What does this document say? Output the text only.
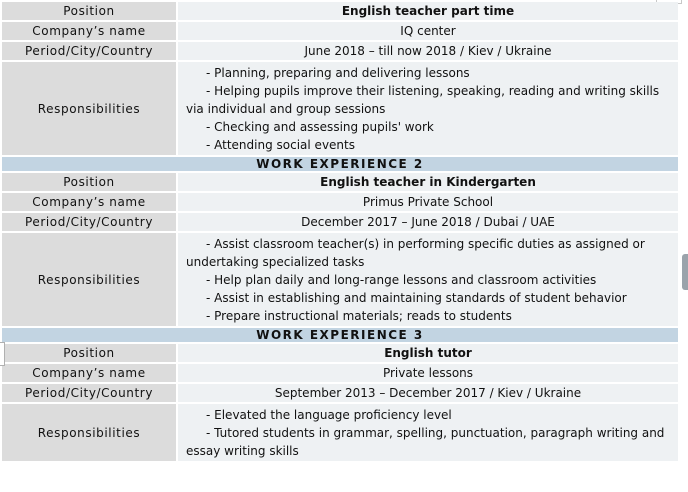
Position	English teacher part time
Company’s name	IQ center
Period/City/Country	June 2018 – till now 2018 / Kiev / Ukraine
Responsibilities	- Planning, preparing and delivering lessons
- Helping pupils improve their listening, speaking, reading and writing skills via individual and group sessions
- Checking and assessing pupils' work
- Attending social events

WORK EXPERIENCE 2	
Position	English teacher in Kindergarten
Company’s name	Primus Private School
Period/City/Country	December 2017 – June 2018 / Dubai / UAE
Responsibilities	- Assist classroom teacher(s) in performing specific duties as assigned or undertaking specialized tasks
- Help plan daily and long-range lessons and classroom activities
- Assist in establishing and maintaining standards of student behavior
- Prepare instructional materials; reads to students

WORK EXPERIENCE 3	
Position	English tutor
Company’s name	Private lessons
Period/City/Country	September 2013 – December 2017 / Kiev / Ukraine
Responsibilities	- Elevated the language proficiency level
- Tutored students in grammar, spelling, punctuation, paragraph writing and essay writing skills
